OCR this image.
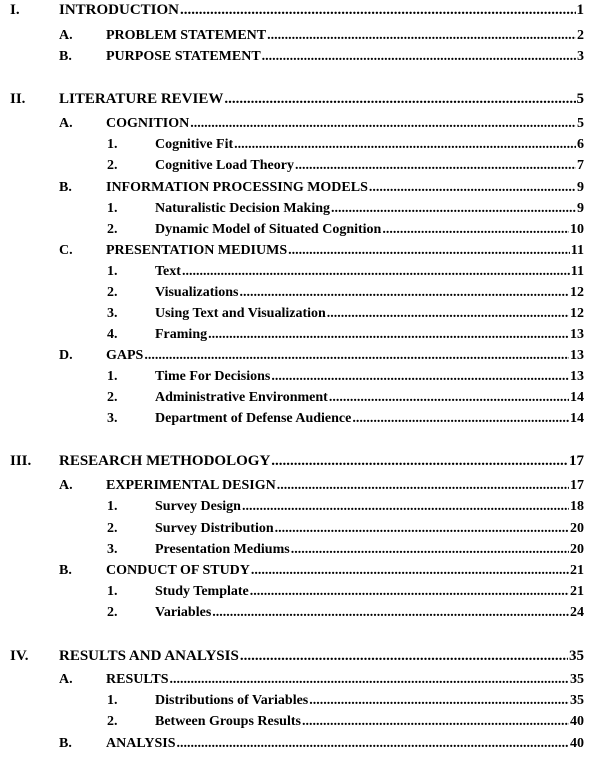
I.	INTRODUCTION .....	1
A. PROBLEM STATEMENT .....	2
B. PURPOSE STATEMENT .....	3
II. LITERATURE REVIEW .....	5
A. COGNITION .....	5
1.	Cognitive Fit .....	6
2.	Cognitive Load Theory .....	7
B. INFORMATION PROCESSING MODELS .....	9
1.	Naturalistic Decision Making .....	9
2.	Dynamic Model of Situated Cognition .....	10
C. PRESENTATION MEDIUMS .....	11
1.	Text .....	11
2.	Visualizations .....	12
3.	Using Text and Visualization .....	12
4.	Framing .....	13
D. GAPS .....	13
1.	Time For Decisions .....	13
2.	Administrative Environment .....	14
3.	Department of Defense Audience .....	14
III. RESEARCH METHODOLOGY .....	17
A. EXPERIMENTAL DESIGN .....	17
1.	Survey Design .....	18
2.	Survey Distribution .....	20
3.	Presentation Mediums .....	20
B. CONDUCT OF STUDY .....	21
1.	Study Template .....	21
2.	Variables .....	24
IV. RESULTS AND ANALYSIS .....	35
A. RESULTS .....	35
1.	Distributions of Variables .....	35
2.	Between Groups Results .....	40
B. ANALYSIS .....	40
